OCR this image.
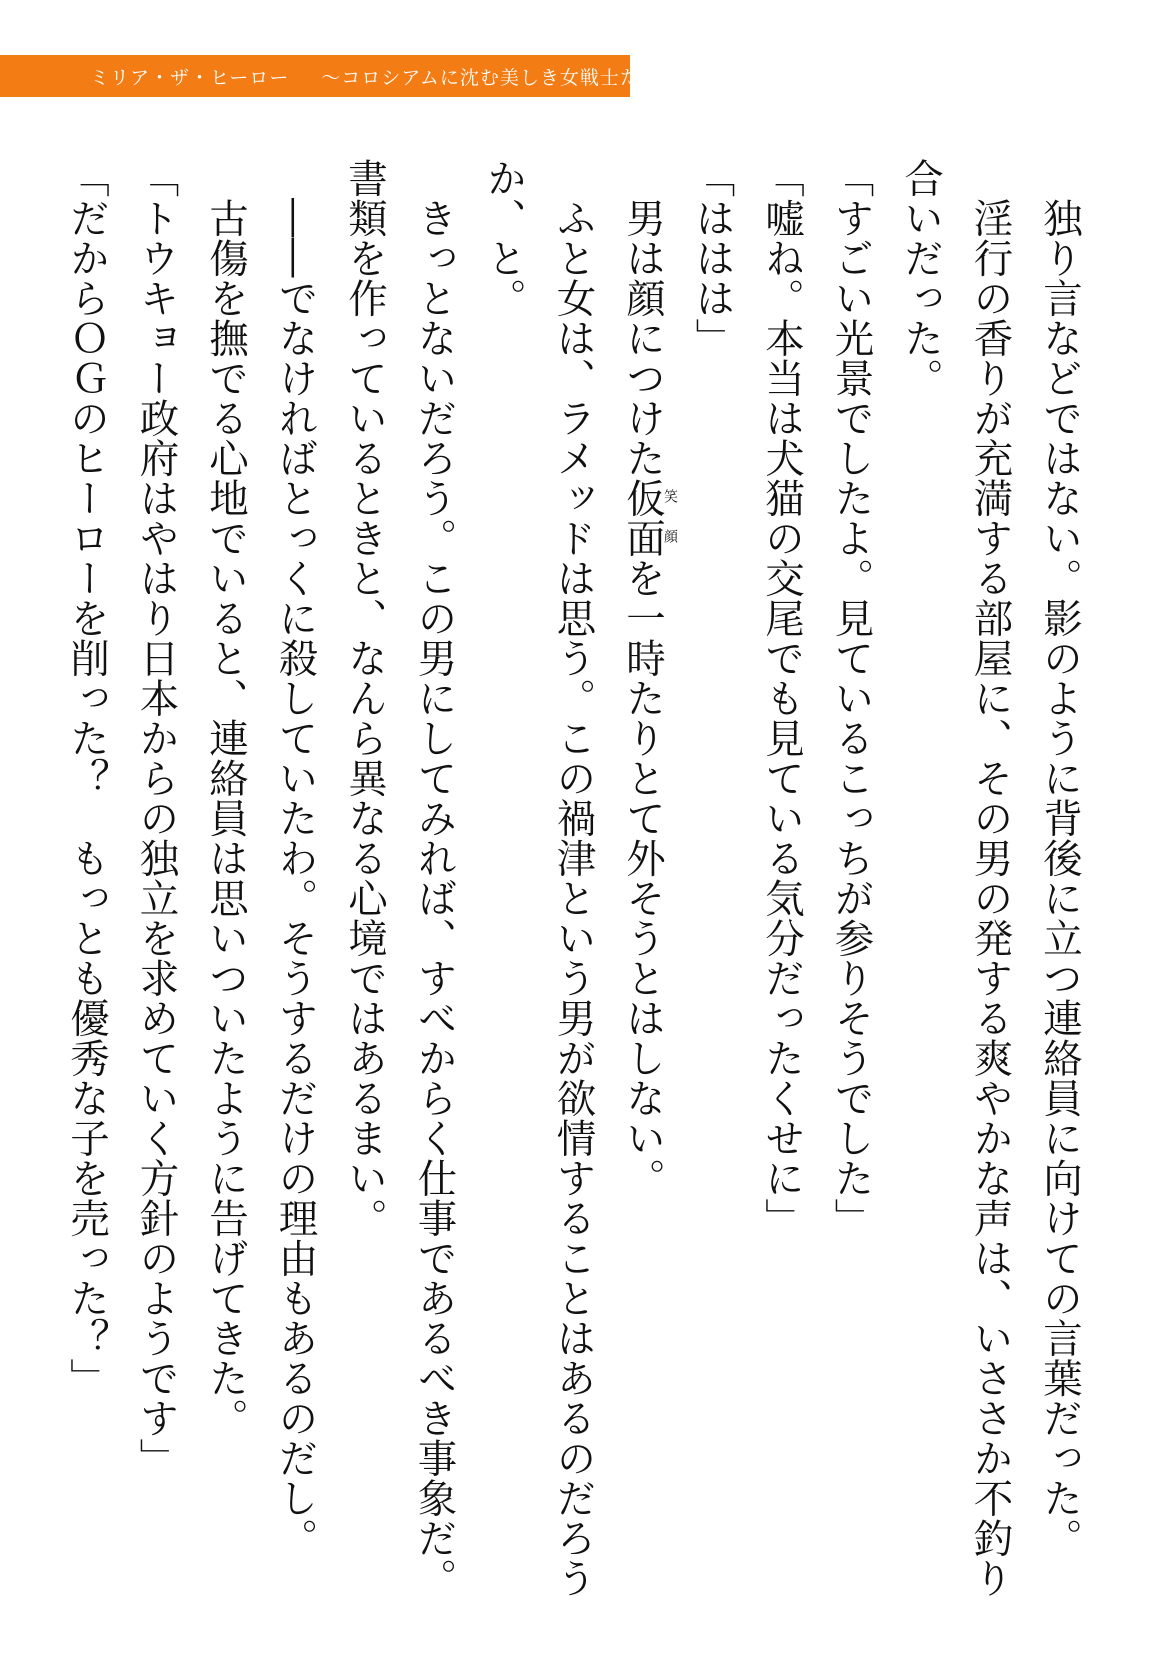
ミリア・ザ・ヒーロー ～コロシアムに沈む美しき女戦士たち～

　独り言などではない。影のように背後に立つ連絡員に向けての言葉だった。

　淫行の香りが充満する部屋に、その男の発する爽やかな声は、いささか不釣り合いだった。

「すごい光景でしたよ。見ているこっちが参りそうでした」

「嘘ね。本当は犬猫の交尾でも見ている気分だったくせに」

「ははは」

　男は顔につけた仮面笑顔を一時たりとて外そうとはしない。

　ふと女は、ラメッドは思う。この禍津という男が欲情することはあるのだろうか、と。

　きっとないだろう。この男にしてみれば、すべからく仕事であるべき事象だ。書類を作っているときと、なんら異なる心境ではあるまい。

　――でなければとっくに殺していたわ。そうするだけの理由もあるのだし。

　古傷を撫でる心地でいると、連絡員は思いついたように告げてきた。

「トウキョー政府はやはり日本からの独立を求めていく方針のようです」

「だからＯＧのヒーローを削った？　もっとも優秀な子を売った？」
